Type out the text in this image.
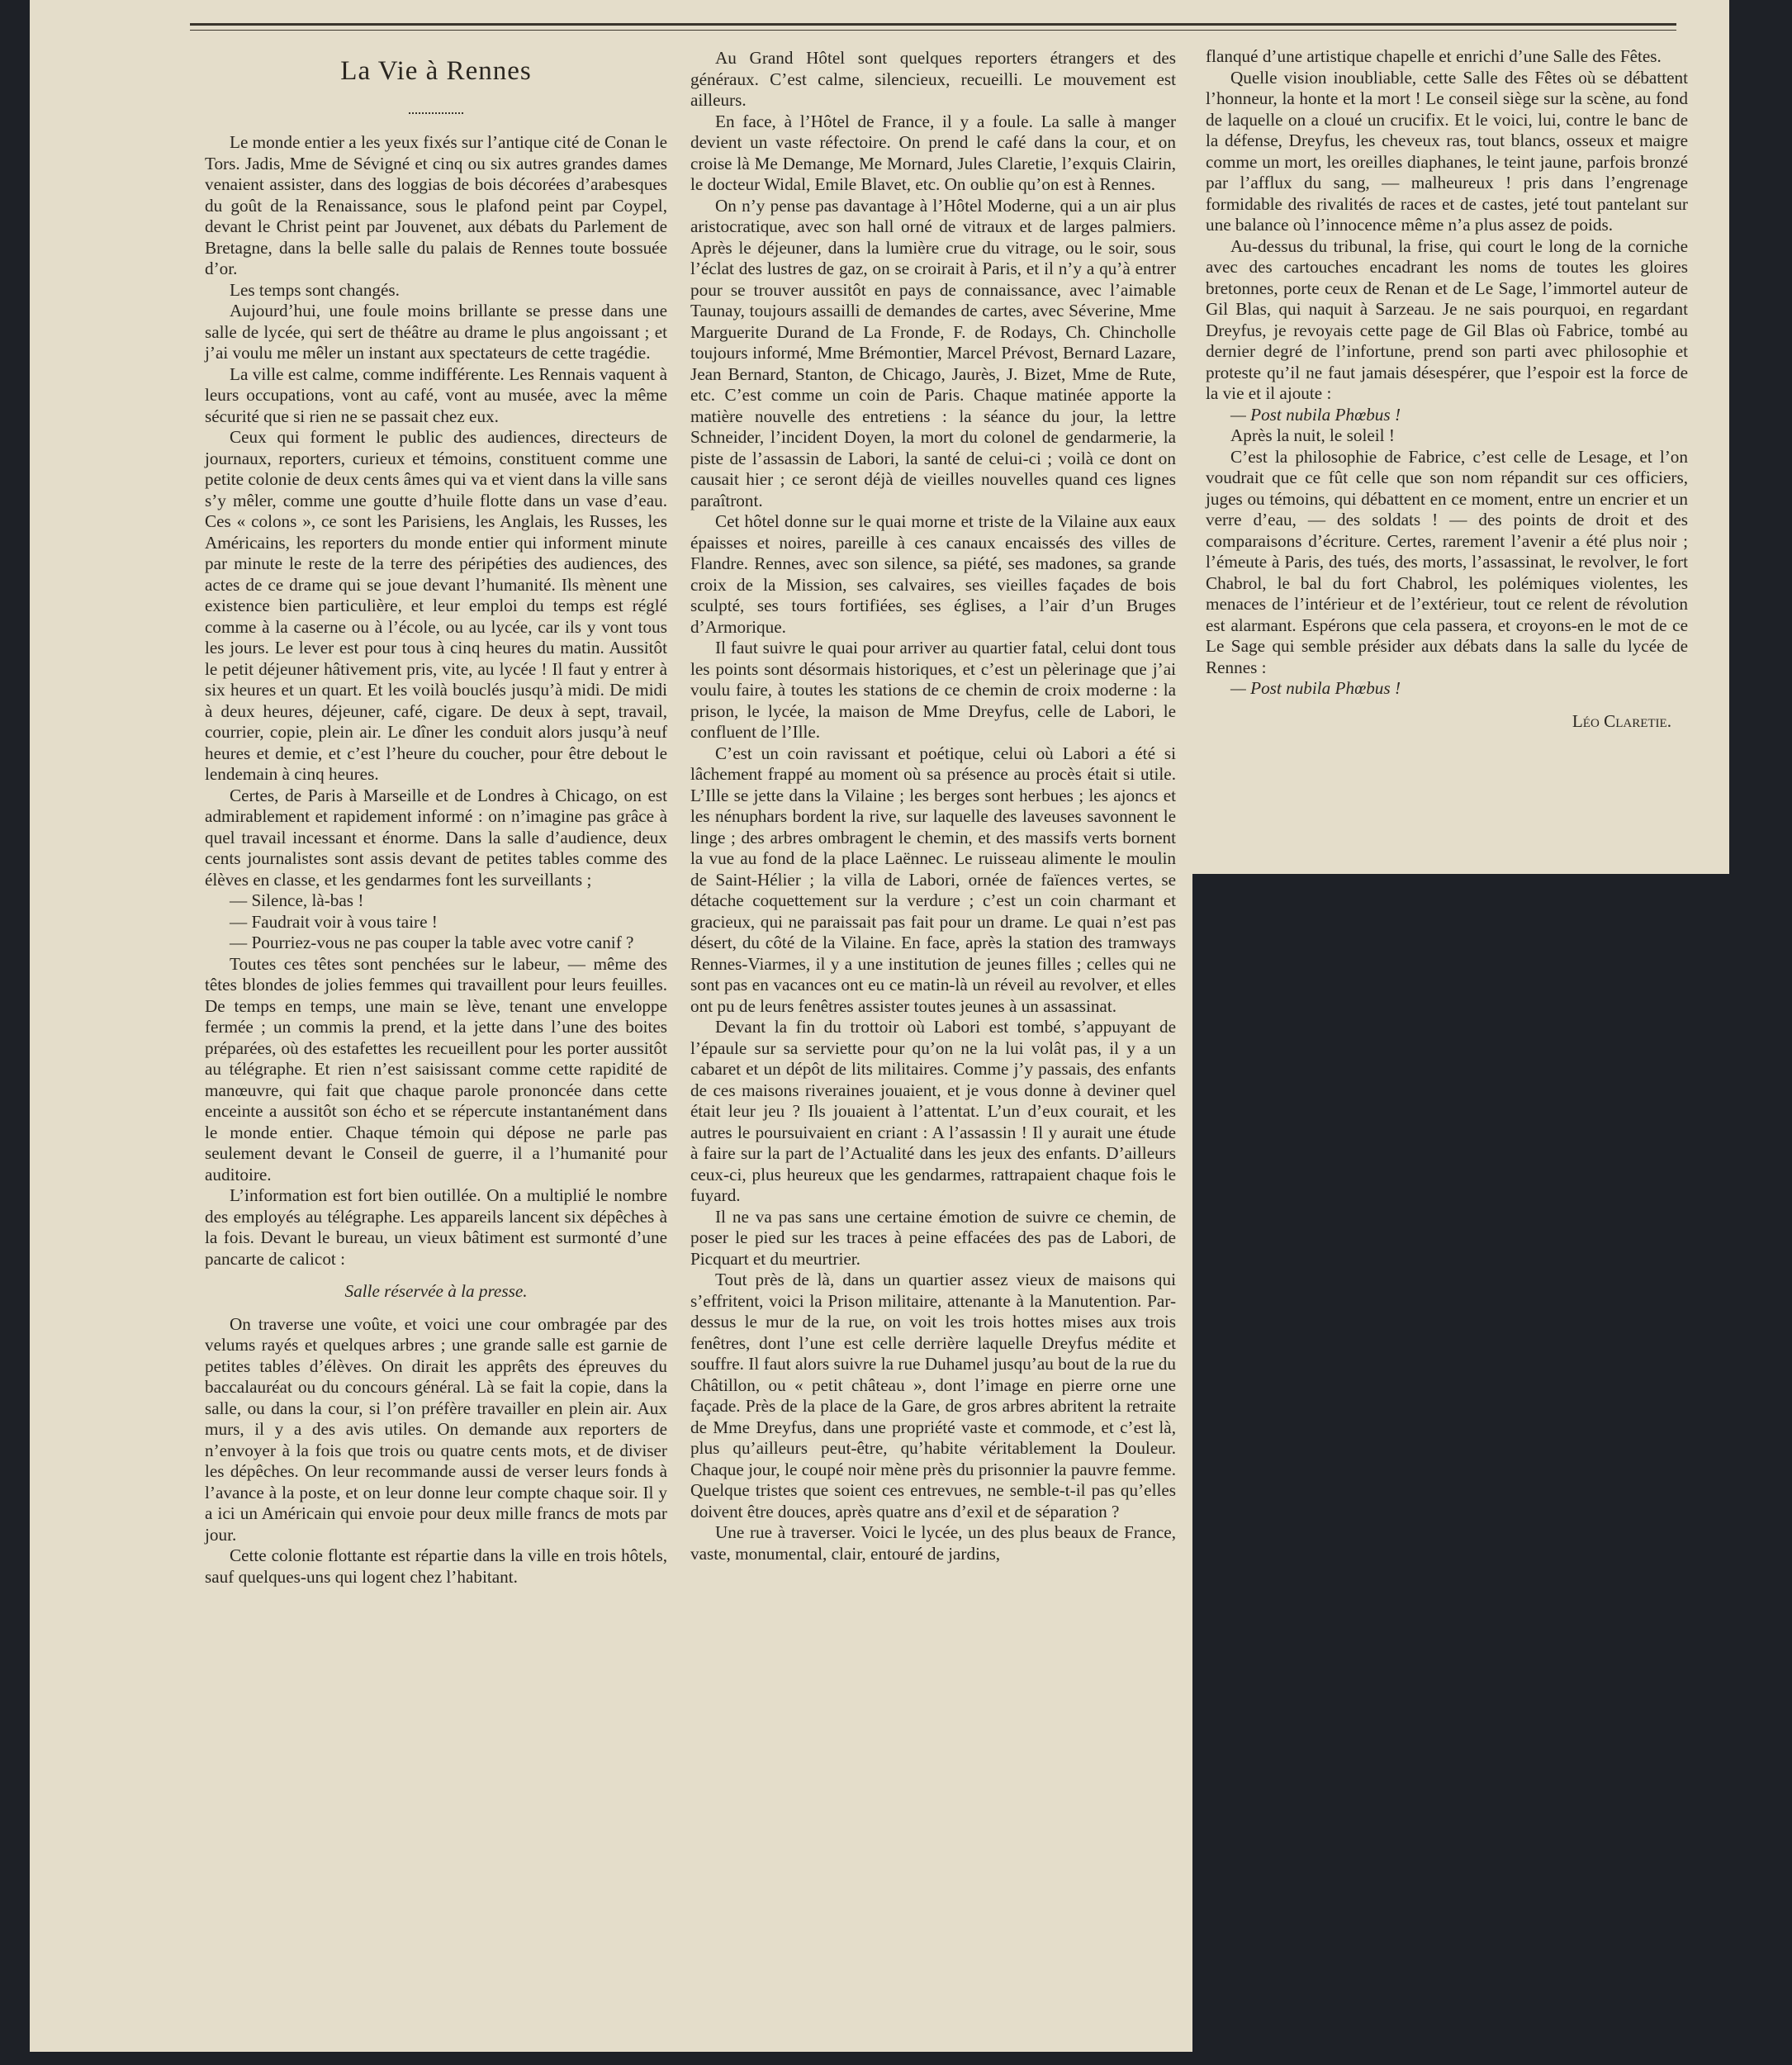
La Vie à Rennes

Le monde entier a les yeux fixés sur l’antique cité de Conan le Tors. Jadis, Mme de Sévigné et cinq ou six autres grandes dames venaient assister, dans des loggias de bois décorées d’arabesques du goût de la Renaissance, sous le plafond peint par Coypel, devant le Christ peint par Jouvenet, aux débats du Parlement de Bretagne, dans la belle salle du palais de Rennes toute bossuée d’or.

Les temps sont changés.

Aujourd’hui, une foule moins brillante se presse dans une salle de lycée, qui sert de théâtre au drame le plus angoissant ; et j’ai voulu me mêler un instant aux spectateurs de cette tragédie.

La ville est calme, comme indifférente. Les Rennais vaquent à leurs occupations, vont au café, vont au musée, avec la même sécurité que si rien ne se passait chez eux.

Ceux qui forment le public des audiences, directeurs de journaux, reporters, curieux et témoins, constituent comme une petite colonie de deux cents âmes qui va et vient dans la ville sans s’y mêler, comme une goutte d’huile flotte dans un vase d’eau. Ces « colons », ce sont les Parisiens, les Anglais, les Russes, les Américains, les reporters du monde entier qui informent minute par minute le reste de la terre des péripéties des audiences, des actes de ce drame qui se joue devant l’humanité. Ils mènent une existence bien particulière, et leur emploi du temps est réglé comme à la caserne ou à l’école, ou au lycée, car ils y vont tous les jours. Le lever est pour tous à cinq heures du matin. Aussitôt le petit déjeuner hâtivement pris, vite, au lycée ! Il faut y entrer à six heures et un quart. Et les voilà bouclés jusqu’à midi. De midi à deux heures, déjeuner, café, cigare. De deux à sept, travail, courrier, copie, plein air. Le dîner les conduit alors jusqu’à neuf heures et demie, et c’est l’heure du coucher, pour être debout le lendemain à cinq heures.

Certes, de Paris à Marseille et de Londres à Chicago, on est admirablement et rapidement informé : on n’imagine pas grâce à quel travail incessant et énorme. Dans la salle d’audience, deux cents journalistes sont assis devant de petites tables comme des élèves en classe, et les gendarmes font les surveillants ;

— Silence, là-bas !

— Faudrait voir à vous taire !

— Pourriez-vous ne pas couper la table avec votre canif ?

Toutes ces têtes sont penchées sur le labeur, — même des têtes blondes de jolies femmes qui travaillent pour leurs feuilles. De temps en temps, une main se lève, tenant une enveloppe fermée ; un commis la prend, et la jette dans l’une des boites préparées, où des estafettes les recueillent pour les porter aussitôt au télégraphe. Et rien n’est saisissant comme cette rapidité de manœuvre, qui fait que chaque parole prononcée dans cette enceinte a aussitôt son écho et se répercute instantanément dans le monde entier. Chaque témoin qui dépose ne parle pas seulement devant le Conseil de guerre, il a l’humanité pour auditoire.

L’information est fort bien outillée. On a multiplié le nombre des employés au télégraphe. Les appareils lancent six dépêches à la fois. Devant le bureau, un vieux bâtiment est surmonté d’une pancarte de calicot :

Salle réservée à la presse.

On traverse une voûte, et voici une cour ombragée par des velums rayés et quelques arbres ; une grande salle est garnie de petites tables d’élèves. On dirait les apprêts des épreuves du baccalauréat ou du concours général. Là se fait la copie, dans la salle, ou dans la cour, si l’on préfère travailler en plein air. Aux murs, il y a des avis utiles. On demande aux reporters de n’envoyer à la fois que trois ou quatre cents mots, et de diviser les dépêches. On leur recommande aussi de verser leurs fonds à l’avance à la poste, et on leur donne leur compte chaque soir. Il y a ici un Américain qui envoie pour deux mille francs de mots par jour.

Cette colonie flottante est répartie dans la ville en trois hôtels, sauf quelques-uns qui logent chez l’habitant.

Au Grand Hôtel sont quelques reporters étrangers et des généraux. C’est calme, silencieux, recueilli. Le mouvement est ailleurs.

En face, à l’Hôtel de France, il y a foule. La salle à manger devient un vaste réfectoire. On prend le café dans la cour, et on croise là Me Demange, Me Mornard, Jules Claretie, l’exquis Clairin, le docteur Widal, Emile Blavet, etc. On oublie qu’on est à Rennes.

On n’y pense pas davantage à l’Hôtel Moderne, qui a un air plus aristocratique, avec son hall orné de vitraux et de larges palmiers. Après le déjeuner, dans la lumière crue du vitrage, ou le soir, sous l’éclat des lustres de gaz, on se croirait à Paris, et il n’y a qu’à entrer pour se trouver aussitôt en pays de connaissance, avec l’aimable Taunay, toujours assailli de demandes de cartes, avec Séverine, Mme Marguerite Durand de La Fronde, F. de Rodays, Ch. Chincholle toujours informé, Mme Brémontier, Marcel Prévost, Bernard Lazare, Jean Bernard, Stanton, de Chicago, Jaurès, J. Bizet, Mme de Rute, etc. C’est comme un coin de Paris. Chaque matinée apporte la matière nouvelle des entretiens : la séance du jour, la lettre Schneider, l’incident Doyen, la mort du colonel de gendarmerie, la piste de l’assassin de Labori, la santé de celui-ci ; voilà ce dont on causait hier ; ce seront déjà de vieilles nouvelles quand ces lignes paraîtront.

Cet hôtel donne sur le quai morne et triste de la Vilaine aux eaux épaisses et noires, pareille à ces canaux encaissés des villes de Flandre. Rennes, avec son silence, sa piété, ses madones, sa grande croix de la Mission, ses calvaires, ses vieilles façades de bois sculpté, ses tours fortifiées, ses églises, a l’air d’un Bruges d’Armorique.

Il faut suivre le quai pour arriver au quartier fatal, celui dont tous les points sont désormais historiques, et c’est un pèlerinage que j’ai voulu faire, à toutes les stations de ce chemin de croix moderne : la prison, le lycée, la maison de Mme Dreyfus, celle de Labori, le confluent de l’Ille.

C’est un coin ravissant et poétique, celui où Labori a été si lâchement frappé au moment où sa présence au procès était si utile. L’Ille se jette dans la Vilaine ; les berges sont herbues ; les ajoncs et les nénuphars bordent la rive, sur laquelle des laveuses savonnent le linge ; des arbres ombragent le chemin, et des massifs verts bornent la vue au fond de la place Laënnec. Le ruisseau alimente le moulin de Saint-Hélier ; la villa de Labori, ornée de faïences vertes, se détache coquettement sur la verdure ; c’est un coin charmant et gracieux, qui ne paraissait pas fait pour un drame. Le quai n’est pas désert, du côté de la Vilaine. En face, après la station des tramways Rennes-Viarmes, il y a une institution de jeunes filles ; celles qui ne sont pas en vacances ont eu ce matin-là un réveil au revolver, et elles ont pu de leurs fenêtres assister toutes jeunes à un assassinat.

Devant la fin du trottoir où Labori est tombé, s’appuyant de l’épaule sur sa serviette pour qu’on ne la lui volât pas, il y a un cabaret et un dépôt de lits militaires. Comme j’y passais, des enfants de ces maisons riveraines jouaient, et je vous donne à deviner quel était leur jeu ? Ils jouaient à l’attentat. L’un d’eux courait, et les autres le poursuivaient en criant : A l’assassin ! Il y aurait une étude à faire sur la part de l’Actualité dans les jeux des enfants. D’ailleurs ceux-ci, plus heureux que les gendarmes, rattrapaient chaque fois le fuyard.

Il ne va pas sans une certaine émotion de suivre ce chemin, de poser le pied sur les traces à peine effacées des pas de Labori, de Picquart et du meurtrier.

Tout près de là, dans un quartier assez vieux de maisons qui s’effritent, voici la Prison militaire, attenante à la Manutention. Par-dessus le mur de la rue, on voit les trois hottes mises aux trois fenêtres, dont l’une est celle derrière laquelle Dreyfus médite et souffre. Il faut alors suivre la rue Duhamel jusqu’au bout de la rue du Châtillon, ou « petit château », dont l’image en pierre orne une façade. Près de la place de la Gare, de gros arbres abritent la retraite de Mme Dreyfus, dans une propriété vaste et commode, et c’est là, plus qu’ailleurs peut-être, qu’habite véritablement la Douleur. Chaque jour, le coupé noir mène près du prisonnier la pauvre femme. Quelque tristes que soient ces entrevues, ne semble-t-il pas qu’elles doivent être douces, après quatre ans d’exil et de séparation ?

Une rue à traverser. Voici le lycée, un des plus beaux de France, vaste, monumental, clair, entouré de jardins,

flanqué d’une artistique chapelle et enrichi d’une Salle des Fêtes.

Quelle vision inoubliable, cette Salle des Fêtes où se débattent l’honneur, la honte et la mort ! Le conseil siège sur la scène, au fond de laquelle on a cloué un crucifix. Et le voici, lui, contre le banc de la défense, Dreyfus, les cheveux ras, tout blancs, osseux et maigre comme un mort, les oreilles diaphanes, le teint jaune, parfois bronzé par l’afflux du sang, — malheureux ! pris dans l’engrenage formidable des rivalités de races et de castes, jeté tout pantelant sur une balance où l’innocence même n’a plus assez de poids.

Au-dessus du tribunal, la frise, qui court le long de la corniche avec des cartouches encadrant les noms de toutes les gloires bretonnes, porte ceux de Renan et de Le Sage, l’immortel auteur de Gil Blas, qui naquit à Sarzeau. Je ne sais pourquoi, en regardant Dreyfus, je revoyais cette page de Gil Blas où Fabrice, tombé au dernier degré de l’infortune, prend son parti avec philosophie et proteste qu’il ne faut jamais désespérer, que l’espoir est la force de la vie et il ajoute :

— Post nubila Phœbus !

Après la nuit, le soleil !

C’est la philosophie de Fabrice, c’est celle de Lesage, et l’on voudrait que ce fût celle que son nom répandit sur ces officiers, juges ou témoins, qui débattent en ce moment, entre un encrier et un verre d’eau, — des soldats ! — des points de droit et des comparaisons d’écriture. Certes, rarement l’avenir a été plus noir ; l’émeute à Paris, des tués, des morts, l’assassinat, le revolver, le fort Chabrol, le bal du fort Chabrol, les polémiques violentes, les menaces de l’intérieur et de l’extérieur, tout ce relent de révolution est alarmant. Espérons que cela passera, et croyons-en le mot de ce Le Sage qui semble présider aux débats dans la salle du lycée de Rennes :

— Post nubila Phœbus !

Léo Claretie.
